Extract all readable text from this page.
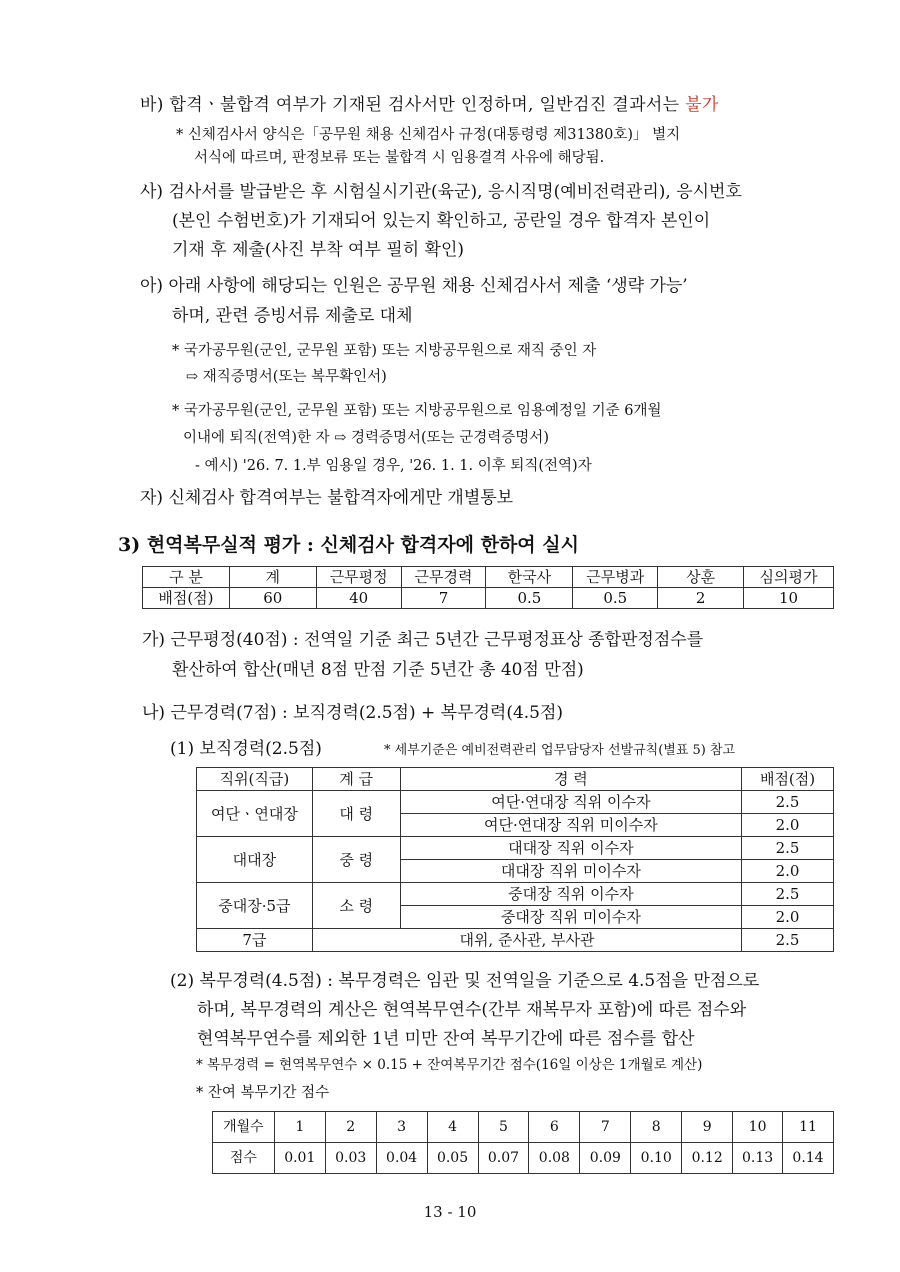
바) 합격ㆍ불합격 여부가 기재된 검사서만 인정하며, 일반검진 결과서는 불가
* 신체검사서 양식은「공무원 채용 신체검사 규정(대통령령 제31380호)」 별지
서식에 따르며, 판정보류 또는 불합격 시 임용결격 사유에 해당됨.
사) 검사서를 발급받은 후 시험실시기관(육군), 응시직명(예비전력관리), 응시번호
(본인 수험번호)가 기재되어 있는지 확인하고, 공란일 경우 합격자 본인이
기재 후 제출(사진 부착 여부 필히 확인)
아) 아래 사항에 해당되는 인원은 공무원 채용 신체검사서 제출 ‘생략 가능’
하며, 관련 증빙서류 제출로 대체
* 국가공무원(군인, 군무원 포함) 또는 지방공무원으로 재직 중인 자
⇨ 재직증명서(또는 복무확인서)
* 국가공무원(군인, 군무원 포함) 또는 지방공무원으로 임용예정일 기준 6개월
이내에 퇴직(전역)한 자 ⇨ 경력증명서(또는 군경력증명서)
- 예시) '26. 7. 1.부 임용일 경우, '26. 1. 1. 이후 퇴직(전역)자
자) 신체검사 합격여부는 불합격자에게만 개별통보
3) 현역복무실적 평가 : 신체검사 합격자에 한하여 실시
구 분	계	근무평정	근무경력	한국사	근무병과	상훈	심의평가
배점(점)	60	40	7	0.5	0.5	2	10
가) 근무평정(40점) : 전역일 기준 최근 5년간 근무평정표상 종합판정점수를
환산하여 합산(매년 8점 만점 기준 5년간 총 40점 만점)
나) 근무경력(7점) : 보직경력(2.5점) + 복무경력(4.5점)
(1) 보직경력(2.5점)	* 세부기준은 예비전력관리 업무담당자 선발규칙(별표 5) 참고
직위(직급)	계 급	경 력	배점(점)
여단ㆍ연대장	대 령	여단·연대장 직위 이수자	2.5
		여단·연대장 직위 미이수자	2.0
대대장	중 령	대대장 직위 이수자	2.5
		대대장 직위 미이수자	2.0
중대장·5급	소 령	중대장 직위 이수자	2.5
		중대장 직위 미이수자	2.0
7급	대위, 준사관, 부사관		2.5
(2) 복무경력(4.5점) : 복무경력은 임관 및 전역일을 기준으로 4.5점을 만점으로
하며, 복무경력의 계산은 현역복무연수(간부 재복무자 포함)에 따른 점수와
현역복무연수를 제외한 1년 미만 잔여 복무기간에 따른 점수를 합산
* 복무경력 = 현역복무연수 × 0.15 + 잔여복무기간 점수(16일 이상은 1개월로 계산)
* 잔여 복무기간 점수
개월수	1	2	3	4	5	6	7	8	9	10	11
점수	0.01	0.03	0.04	0.05	0.07	0.08	0.09	0.10	0.12	0.13	0.14
13 - 10
